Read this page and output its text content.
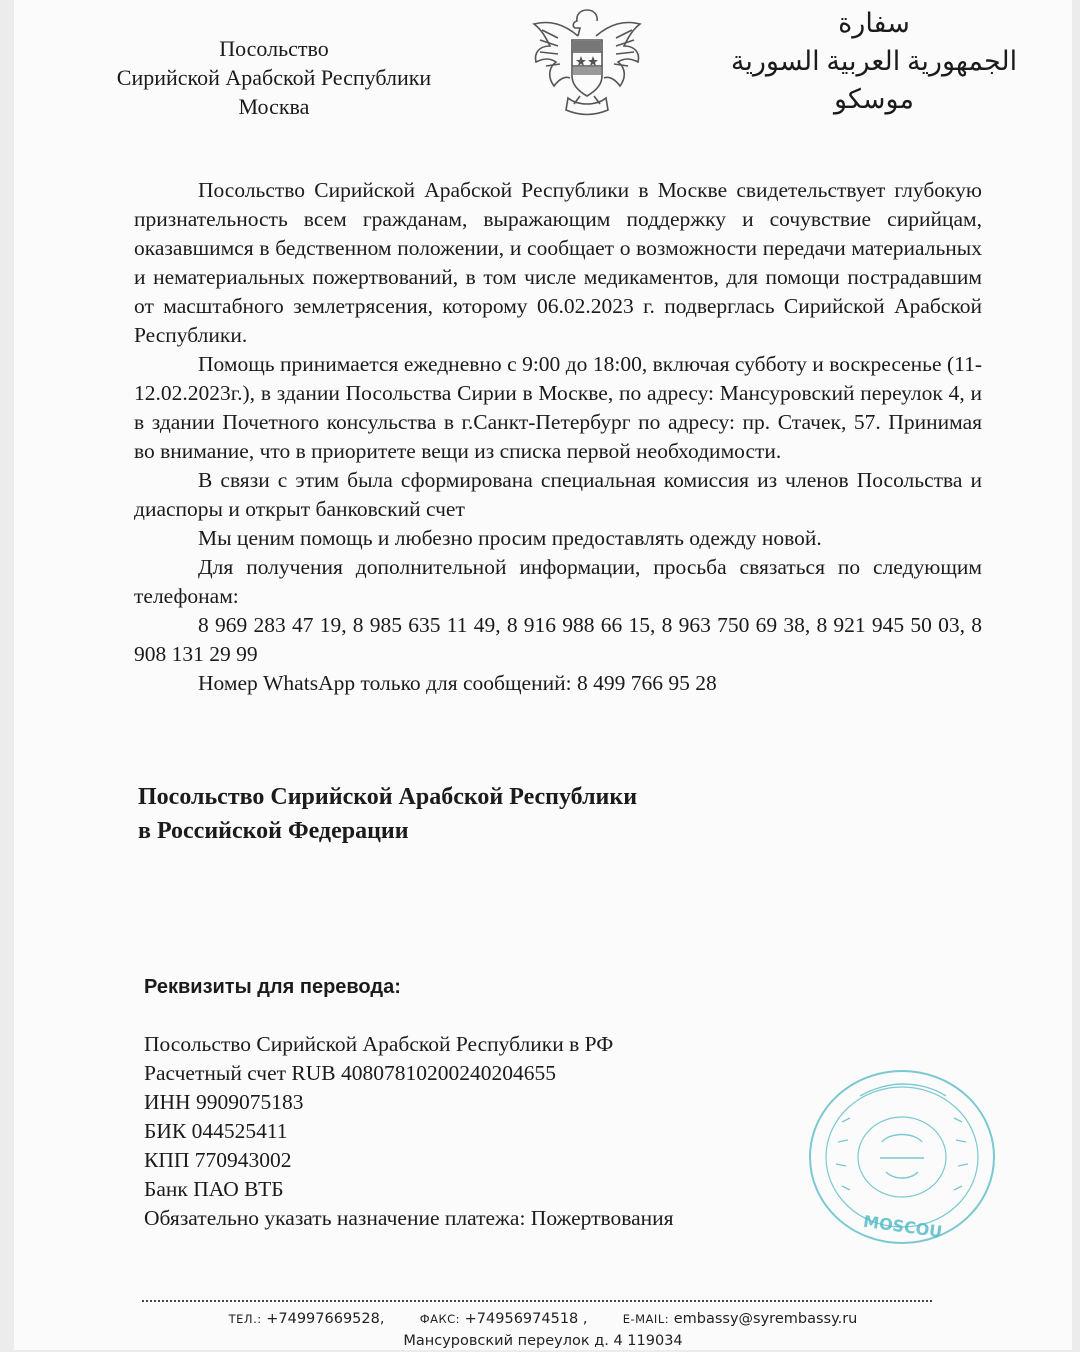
Посольство
Сирийской Арабской Республики
Москва
سفارة
الجمهورية العربية السورية
موسكو

Посольство Сирийской Арабской Республики в Москве свидетельствует глубокую признательность всем гражданам, выражающим поддержку и сочувствие сирийцам, оказавшимся в бедственном положении, и сообщает о возможности передачи материальных и нематериальных пожертвований, в том числе медикаментов, для помощи пострадавшим от масштабного землетрясения, которому 06.02.2023 г. подверглась Сирийской Арабской Республики.

Помощь принимается ежедневно с 9:00 до 18:00, включая субботу и воскресенье (11-12.02.2023г.), в здании Посольства Сирии в Москве, по адресу: Мансуровский переулок 4, и в здании Почетного консульства в г.Санкт-Петербург по адресу: пр. Стачек, 57. Принимая во внимание, что в приоритете вещи из списка первой необходимости.

В связи с этим была сформирована специальная комиссия из членов Посольства и диаспоры и открыт банковский счет

Мы ценим помощь и любезно просим предоставлять одежду новой.

Для получения дополнительной информации, просьба связаться по следующим телефонам:

8 969 283 47 19, 8 985 635 11 49, 8 916 988 66 15, 8 963 750 69 38, 8 921 945 50 03, 8 908 131 29 99

Номер WhatsApp только для сообщений: 8 499 766 95 28

Посольство Сирийской Арабской Республики
в Российской Федерации
Реквизиты для перевода:
Посольство Сирийской Арабской Республики в РФ
Расчетный счет RUB 40807810200240204655
ИНН 9909075183
БИК 044525411
КПП 770943002
Банк ПАО ВТБ
Обязательно указать назначение платежа: Пожертвования	MOSCOU
ТЕЛ.: +74997669528,	ФАКС: +74956974518 ,	E-MAIL: embassy@syrembassy.ru
Мансуровский переулок д. 4 119034
